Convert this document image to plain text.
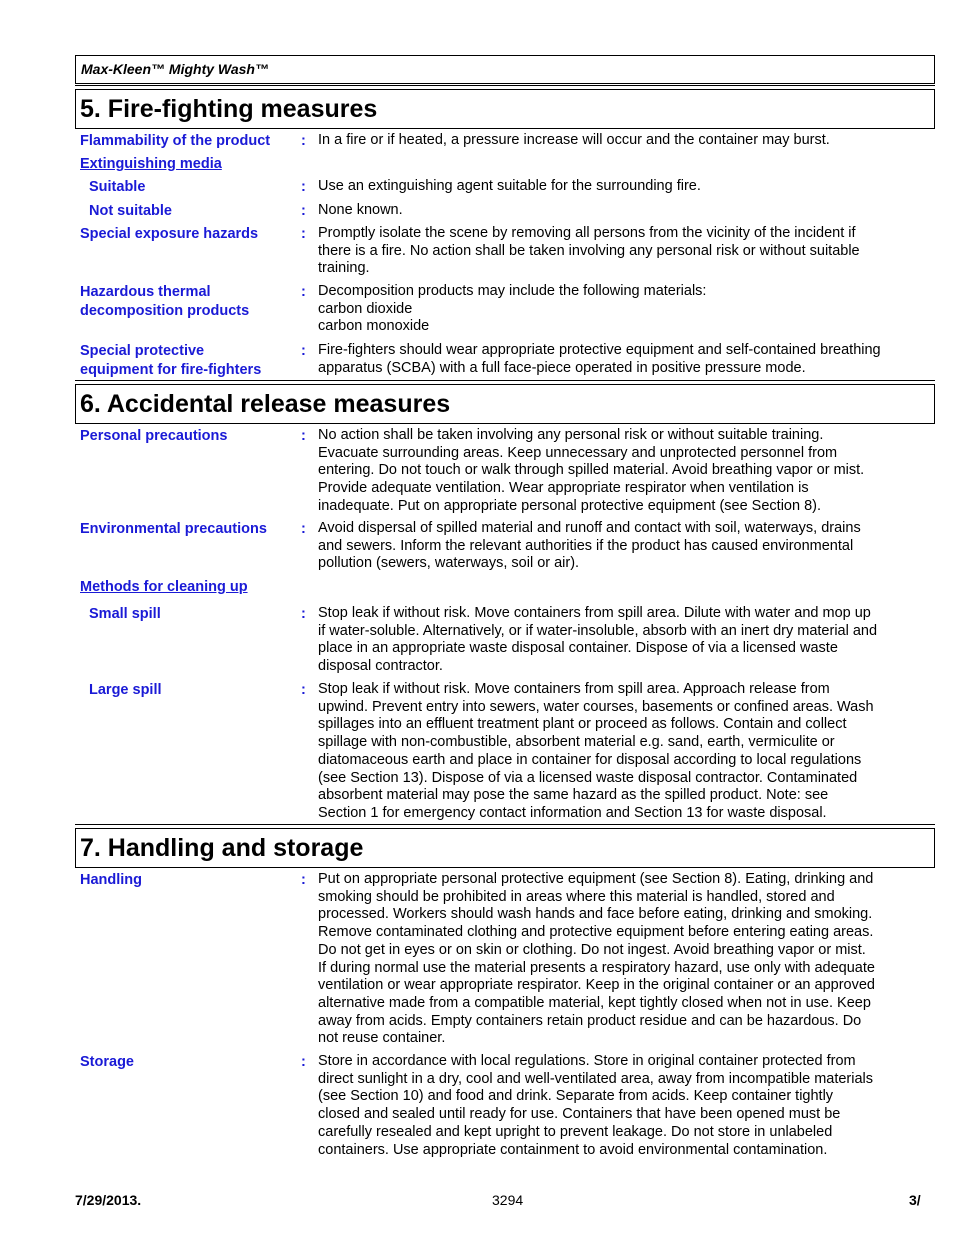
Max-Kleen™ Mighty Wash™
5. Fire-fighting measures
Flammability of the product	: In a fire or if heated, a pressure increase will occur and the container may burst.
Extinguishing media
Suitable	: Use an extinguishing agent suitable for the surrounding fire.
Not suitable	: None known.
Special exposure hazards	: Promptly isolate the scene by removing all persons from the vicinity of the incident if
there is a fire. No action shall be taken involving any personal risk or without suitable
training.
Hazardous thermal
decomposition products
: Decomposition products may include the following materials:
carbon dioxide
carbon monoxide
Special protective
equipment for fire-fighters
: Fire-fighters should wear appropriate protective equipment and self-contained breathing
apparatus (SCBA) with a full face-piece operated in positive pressure mode.
6. Accidental release measures
Personal precautions	: No action shall be taken involving any personal risk or without suitable training.
Evacuate surrounding areas. Keep unnecessary and unprotected personnel from
entering. Do not touch or walk through spilled material. Avoid breathing vapor or mist.
Provide adequate ventilation. Wear appropriate respirator when ventilation is
inadequate. Put on appropriate personal protective equipment (see Section 8).
Environmental precautions	: Avoid dispersal of spilled material and runoff and contact with soil, waterways, drains
and sewers. Inform the relevant authorities if the product has caused environmental
pollution (sewers, waterways, soil or air).
Methods for cleaning up
Small spill	: Stop leak if without risk. Move containers from spill area. Dilute with water and mop up
if water-soluble. Alternatively, or if water-insoluble, absorb with an inert dry material and
place in an appropriate waste disposal container. Dispose of via a licensed waste
disposal contractor.
Large spill	: Stop leak if without risk. Move containers from spill area. Approach release from
upwind. Prevent entry into sewers, water courses, basements or confined areas. Wash
spillages into an effluent treatment plant or proceed as follows. Contain and collect
spillage with non-combustible, absorbent material e.g. sand, earth, vermiculite or
diatomaceous earth and place in container for disposal according to local regulations
(see Section 13). Dispose of via a licensed waste disposal contractor. Contaminated
absorbent material may pose the same hazard as the spilled product. Note: see
Section 1 for emergency contact information and Section 13 for waste disposal.
7. Handling and storage
Handling	: Put on appropriate personal protective equipment (see Section 8). Eating, drinking and
smoking should be prohibited in areas where this material is handled, stored and
processed. Workers should wash hands and face before eating, drinking and smoking.
Remove contaminated clothing and protective equipment before entering eating areas.
Do not get in eyes or on skin or clothing. Do not ingest. Avoid breathing vapor or mist.
If during normal use the material presents a respiratory hazard, use only with adequate
ventilation or wear appropriate respirator. Keep in the original container or an approved
alternative made from a compatible material, kept tightly closed when not in use. Keep
away from acids. Empty containers retain product residue and can be hazardous. Do
not reuse container.
Storage	: Store in accordance with local regulations. Store in original container protected from
direct sunlight in a dry, cool and well-ventilated area, away from incompatible materials
(see Section 10) and food and drink. Separate from acids. Keep container tightly
closed and sealed until ready for use. Containers that have been opened must be
carefully resealed and kept upright to prevent leakage. Do not store in unlabeled
containers. Use appropriate containment to avoid environmental contamination.
7/29/2013.	3294	3/
